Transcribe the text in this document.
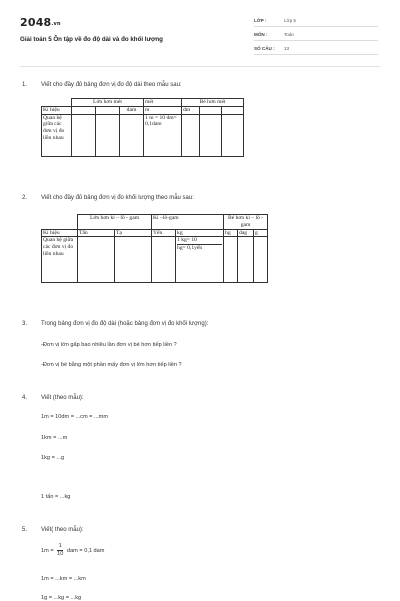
2048.vn
Giải toán 5 Ôn tập về đo độ dài và đo khối lượng
LỚP :	Lớp 5
MÔN :	Toán
SỐ CÂU : 13
1. Viết cho đầy đủ bảng đơn vị đo độ dài theo mẫu sau:
	Lớn hơn mét			mét	Bé hơn mét		
Kí hiệu			dam	m	dm		
Quan hệ giữa các đơn vị đo liền nhau				1 m = 10 dm= 0,1dam			
2. Viết cho đầy đủ bảng đơn vị đo khối lượng theo mẫu sau:
	Lớn hơn ki – lô - gam		Ki –lô-gam		Bé hơn ki – lô -gam		
Kí hiệu	Tấn	Tạ	Yến	kg	hg	dag	g
Quan hệ giữa các đơn vị đo liền nhau				1 kg= 10
hg= 0,1yến			

3. Trong bảng đơn vị đo độ dài (hoặc bảng đơn vị đo khối lượng):
-Đơn vị lớn gấp bao nhiêu lần đơn vị bé hơn tiếp liền ?
-Đơn vị bé bằng một phần mấy đơn vị lớn hơn tiếp liền ?
4. Viết (theo mẫu):
1m = 10dm = ...cm = ...mm
1km = ...m
1kg = ...g
1 tấn = ...kg
5. Viết( theo mẫu):
$1m = \frac{1}{10}$ dam = 0,1 dam
1m = ...km = ...km
1g = ...kg = ...kg
